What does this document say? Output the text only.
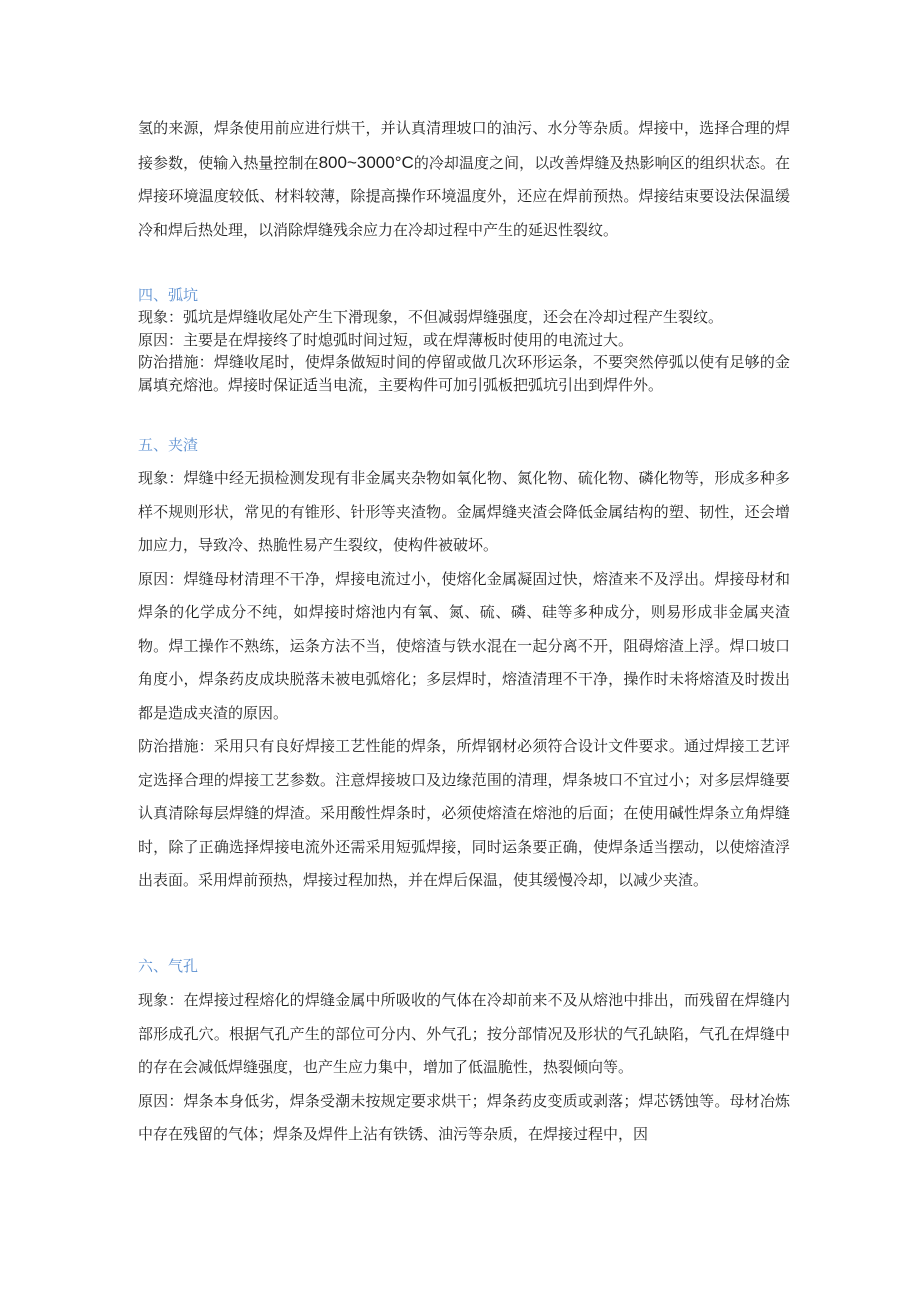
氢的来源，焊条使用前应进行烘干，并认真清理坡口的油污、水分等杂质。焊接中，选择合理的焊接参数，使输入热量控制在800~3000°C的冷却温度之间，以改善焊缝及热影响区的组织状态。在焊接环境温度较低、材料较薄，除提高操作环境温度外，还应在焊前预热。焊接结束要设法保温缓冷和焊后热处理，以消除焊缝残余应力在冷却过程中产生的延迟性裂纹。

四、弧坑

现象：弧坑是焊缝收尾处产生下滑现象，不但减弱焊缝强度，还会在冷却过程产生裂纹。

原因：主要是在焊接终了时熄弧时间过短，或在焊薄板时使用的电流过大。

防治措施：焊缝收尾时，使焊条做短时间的停留或做几次环形运条，不要突然停弧以使有足够的金属填充熔池。焊接时保证适当电流，主要构件可加引弧板把弧坑引出到焊件外。

五、夹渣

现象：焊缝中经无损检测发现有非金属夹杂物如氧化物、氮化物、硫化物、磷化物等，形成多种多样不规则形状，常见的有锥形、针形等夹渣物。金属焊缝夹渣会降低金属结构的塑、韧性，还会增加应力，导致冷、热脆性易产生裂纹，使构件被破坏。

原因：焊缝母材清理不干净，焊接电流过小，使熔化金属凝固过快，熔渣来不及浮出。焊接母材和焊条的化学成分不纯，如焊接时熔池内有氧、氮、硫、磷、硅等多种成分，则易形成非金属夹渣物。焊工操作不熟练，运条方法不当，使熔渣与铁水混在一起分离不开，阻碍熔渣上浮。焊口坡口角度小，焊条药皮成块脱落未被电弧熔化；多层焊时，熔渣清理不干净，操作时未将熔渣及时拨出都是造成夹渣的原因。

防治措施：采用只有良好焊接工艺性能的焊条，所焊钢材必须符合设计文件要求。通过焊接工艺评定选择合理的焊接工艺参数。注意焊接坡口及边缘范围的清理，焊条坡口不宜过小；对多层焊缝要认真清除每层焊缝的焊渣。采用酸性焊条时，必须使熔渣在熔池的后面；在使用碱性焊条立角焊缝时，除了正确选择焊接电流外还需采用短弧焊接，同时运条要正确，使焊条适当摆动，以使熔渣浮出表面。采用焊前预热，焊接过程加热，并在焊后保温，使其缓慢冷却，以减少夹渣。

六、气孔

现象：在焊接过程熔化的焊缝金属中所吸收的气体在冷却前来不及从熔池中排出，而残留在焊缝内部形成孔穴。根据气孔产生的部位可分内、外气孔；按分部情况及形状的气孔缺陷，气孔在焊缝中的存在会减低焊缝强度，也产生应力集中，增加了低温脆性，热裂倾向等。

原因：焊条本身低劣，焊条受潮未按规定要求烘干；焊条药皮变质或剥落；焊芯锈蚀等。母材冶炼中存在残留的气体；焊条及焊件上沾有铁锈、油污等杂质，在焊接过程中，因
